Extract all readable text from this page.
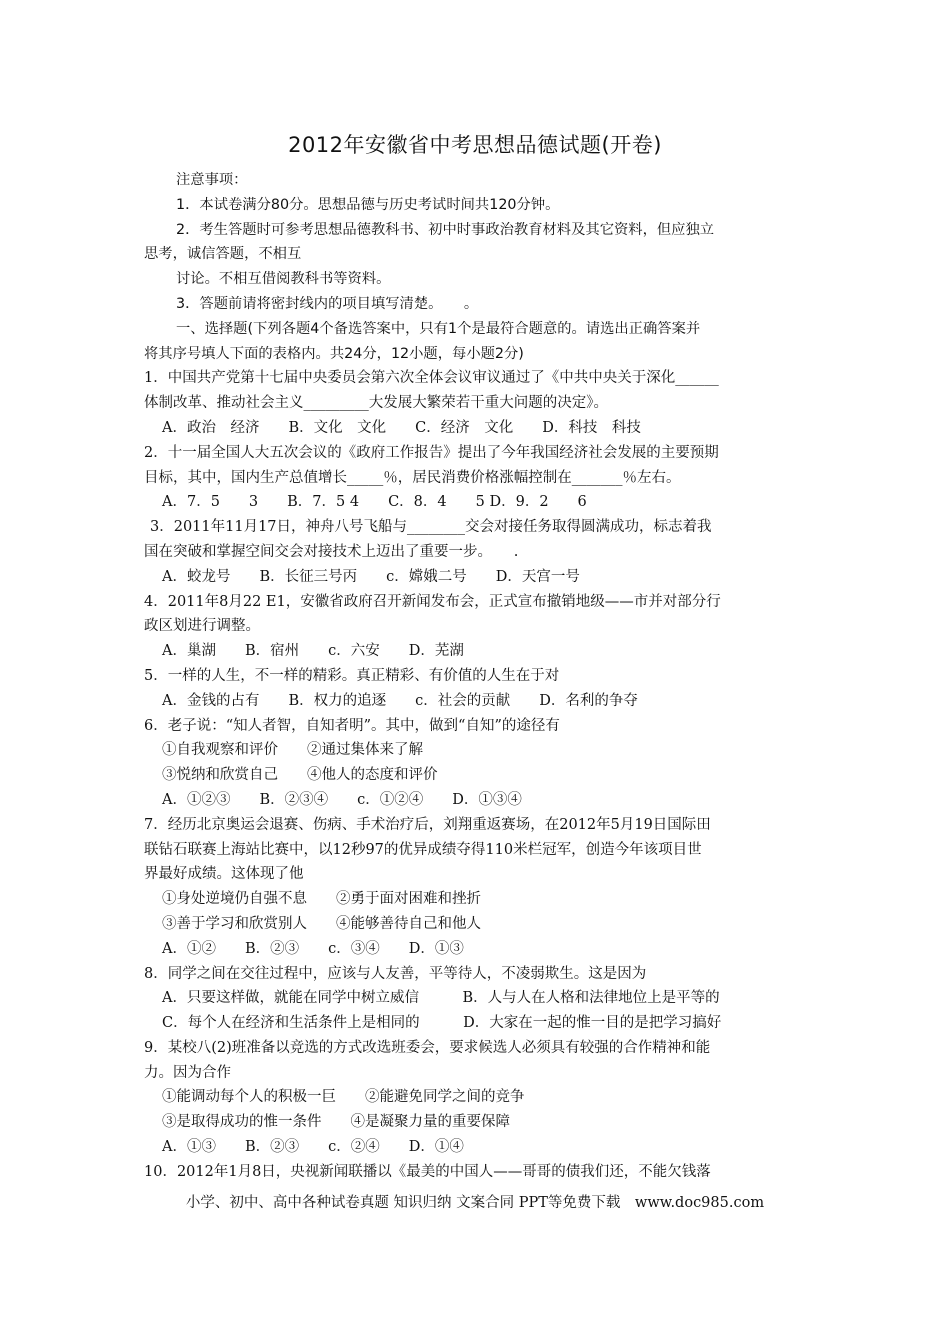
2012年安徽省中考思想品德试题(开卷)
注意事项：
1．本试卷满分80分。思想品德与历史考试时间共120分钟。
2．考生答题时可参考思想品德教科书、初中时事政治教育材料及其它资料，但应独立
思考，诚信答题，不相互
讨论。不相互借阅教科书等资料。
3．答题前请将密封线内的项目填写清楚。　　。
一、选择题(下列各题4个备选答案中，只有1个是最符合题意的。请选出正确答案并
将其序号填人下面的表格内。共24分，12小题，每小题2分)
1．中国共产党第十七届中央委员会第六次全体会议审议通过了《中共中央关于深化______
体制改革、推动社会主义_________大发展大繁荣若干重大问题的决定》。
A．政治　经济　　B．文化　文化　　C．经济　文化　　D．科技　科技
2．十一届全国人大五次会议的《政府工作报告》提出了今年我国经济社会发展的主要预期
目标，其中，国内生产总值增长_____％，居民消费价格涨幅控制在_______％左右。
A．7．5　　3　　B．7．5 4　　C．8．4　　5 D．9．2　　6
3．2011年11月17日，神舟八号飞船与________交会对接任务取得圆满成功，标志着我
国在突破和掌握空间交会对接技术上迈出了重要一步。　　.
A．蛟龙号　　B．长征三号丙　　c．嫦娥二号　　D．天宫一号
4．2011年8月22 E1，安徽省政府召开新闻发布会，正式宣布撤销地级——市并对部分行
政区划进行调整。
A．巢湖　　B．宿州　　c．六安　　D．芜湖
5．一样的人生，不一样的精彩。真正精彩、有价值的人生在于对
A．金钱的占有　　B．权力的追逐　　c．社会的贡献　　D．名利的争夺
6．老子说：“知人者智，自知者明”。其中，做到“自知”的途径有
①自我观察和评价　　②通过集体来了解
③悦纳和欣赏自己　　④他人的态度和评价
A．①②③　　B．②③④　　c．①②④　　D．①③④
7．经历北京奥运会退赛、伤病、手术治疗后，刘翔重返赛场，在2012年5月19日国际田
联钻石联赛上海站比赛中，以12秒97的优异成绩夺得110米栏冠军，创造今年该项目世
界最好成绩。这体现了他
①身处逆境仍自强不息　　②勇于面对困难和挫折
③善于学习和欣赏别人　　④能够善待自己和他人
A．①②　　B．②③　　c．③④　　D．①③
8．同学之间在交往过程中，应该与人友善，平等待人，不凌弱欺生。这是因为
A．只要这样做，就能在同学中树立威信　　　B．人与人在人格和法律地位上是平等的
C．每个人在经济和生活条件上是相同的　　　D．大家在一起的惟一目的是把学习搞好
9．某校八(2)班准备以竞选的方式改选班委会，要求候选人必须具有较强的合作精神和能
力。因为合作
①能调动每个人的积极一巨　　②能避免同学之间的竞争
③是取得成功的惟一条件　　④是凝聚力量的重要保障
A．①③　　B．②③　　c．②④　　D．①④
10．2012年1月8日，央视新闻联播以《最美的中国人——哥哥的债我们还，不能欠钱落
小学、初中、高中各种试卷真题 知识归纳 文案合同 PPT等免费下载　www.doc985.com
